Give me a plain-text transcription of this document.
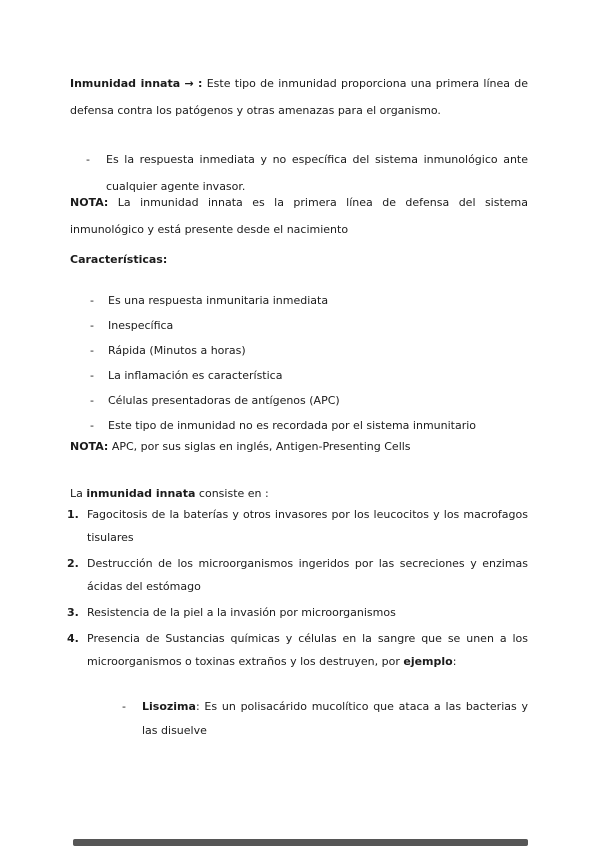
Inmunidad innata → : Este tipo de inmunidad proporciona una primera línea de defensa contra los patógenos y otras amenazas para el organismo.

- Es la respuesta inmediata y no específica del sistema inmunológico ante cualquier agente invasor.

NOTA: La inmunidad innata es la primera línea de defensa del sistema inmunológico y está presente desde el nacimiento

Características:

- Es una respuesta inmunitaria inmediata
- Inespecífica
- Rápida (Minutos a horas)
- La inflamación es característica
- Células presentadoras de antígenos (APC)
- Este tipo de inmunidad no es recordada por el sistema inmunitario

NOTA: APC, por sus siglas en inglés, Antigen-Presenting Cells

La inmunidad innata consiste en :

1. Fagocitosis de la baterías y otros invasores por los leucocitos y los macrofagos tisulares
2. Destrucción de los microorganismos ingeridos por las secreciones y enzimas ácidas del estómago
3. Resistencia de la piel a la invasión por microorganismos
4. Presencia de Sustancias químicas y células en la sangre que se unen a los microorganismos o toxinas extraños y los destruyen, por ejemplo:
- Lisozima: Es un polisacárido mucolítico que ataca a las bacterias y las disuelve
